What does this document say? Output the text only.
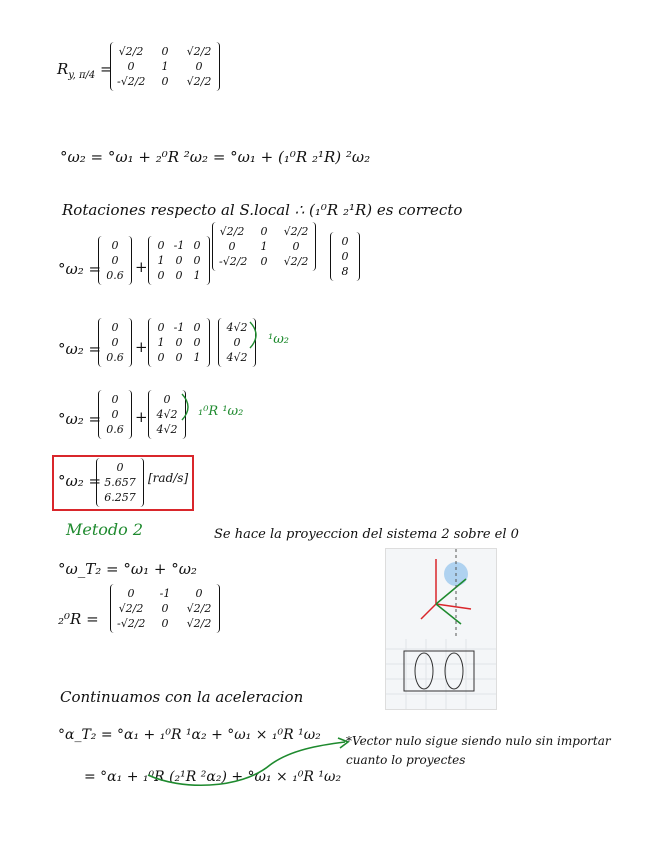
$R_{y, \pi/4}$ =
√2/2	0	√2/2
0	1	0
-√2/2	0	√2/2
°ω₂ = °ω₁ + ₂⁰R ²ω₂ = °ω₁ + (₁⁰R ₂¹R) ²ω₂
Rotaciones respecto al S.local ∴ (₁⁰R ₂¹R) es correcto
°ω₂ =
0
0
0.6 +
0 -1 0
1	0	0
0	0	1
√2/2	0	√2/2
0	1	0
-√2/2	0	√2/2
0
0
8
°ω₂ =
0
0
0.6
+
0 -1 0
1	0	0
0	0	1
4√2
0
4√2
¹ω₂
°ω₂ =
0
0
0.6
+
0
4√2
4√2
₁⁰R ¹ω₂
°ω₂ =
0
5.657
6.257
[rad/s]
Metodo 2	Se hace la proyeccion del sistema 2 sobre el 0
°ω_T₂ = °ω₁ + °ω₂
₂⁰R =
0	-1	0
√2/2	0	√2/2
-√2/2	0	√2/2
Continuamos con la aceleracion
°α_T₂ = °α₁ + ₁⁰R ¹α₂ + °ω₁ × ₁⁰R ¹ω₂
= °α₁ + ₁⁰R (₂¹R ²α₂) + °ω₁ × ₁⁰R ¹ω₂
*Vector nulo sigue siendo nulo sin importar cuanto lo proyectes
